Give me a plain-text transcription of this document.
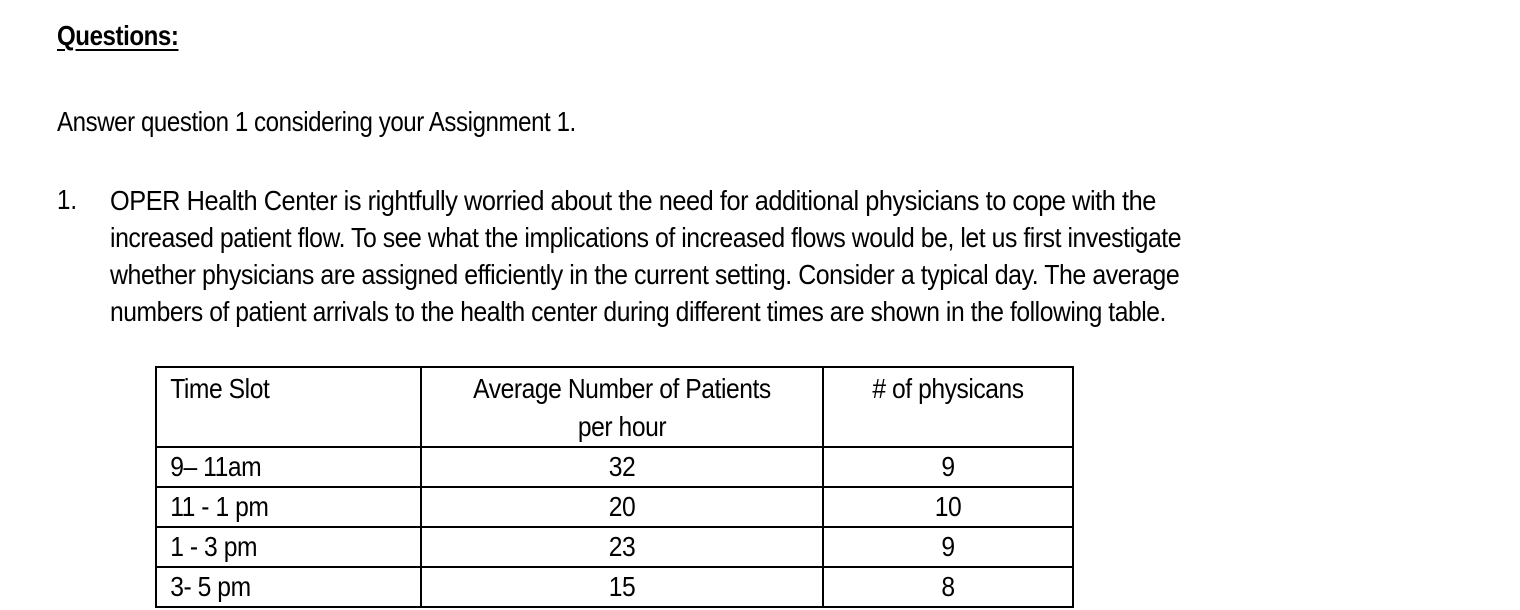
Questions:
Answer question 1 considering your Assignment 1.
1. OPER Health Center is rightfully worried about the need for additional physicians to cope with the
increased patient flow. To see what the implications of increased flows would be, let us first investigate
whether physicians are assigned efficiently in the current setting. Consider a typical day. The average
numbers of patient arrivals to the health center during different times are shown in the following table.
Time Slot	Average Number of Patients per hour	# of physicans

9– 11am	32	9

11 - 1 pm	20	10

1 - 3 pm	23	9

3- 5 pm	15	8
